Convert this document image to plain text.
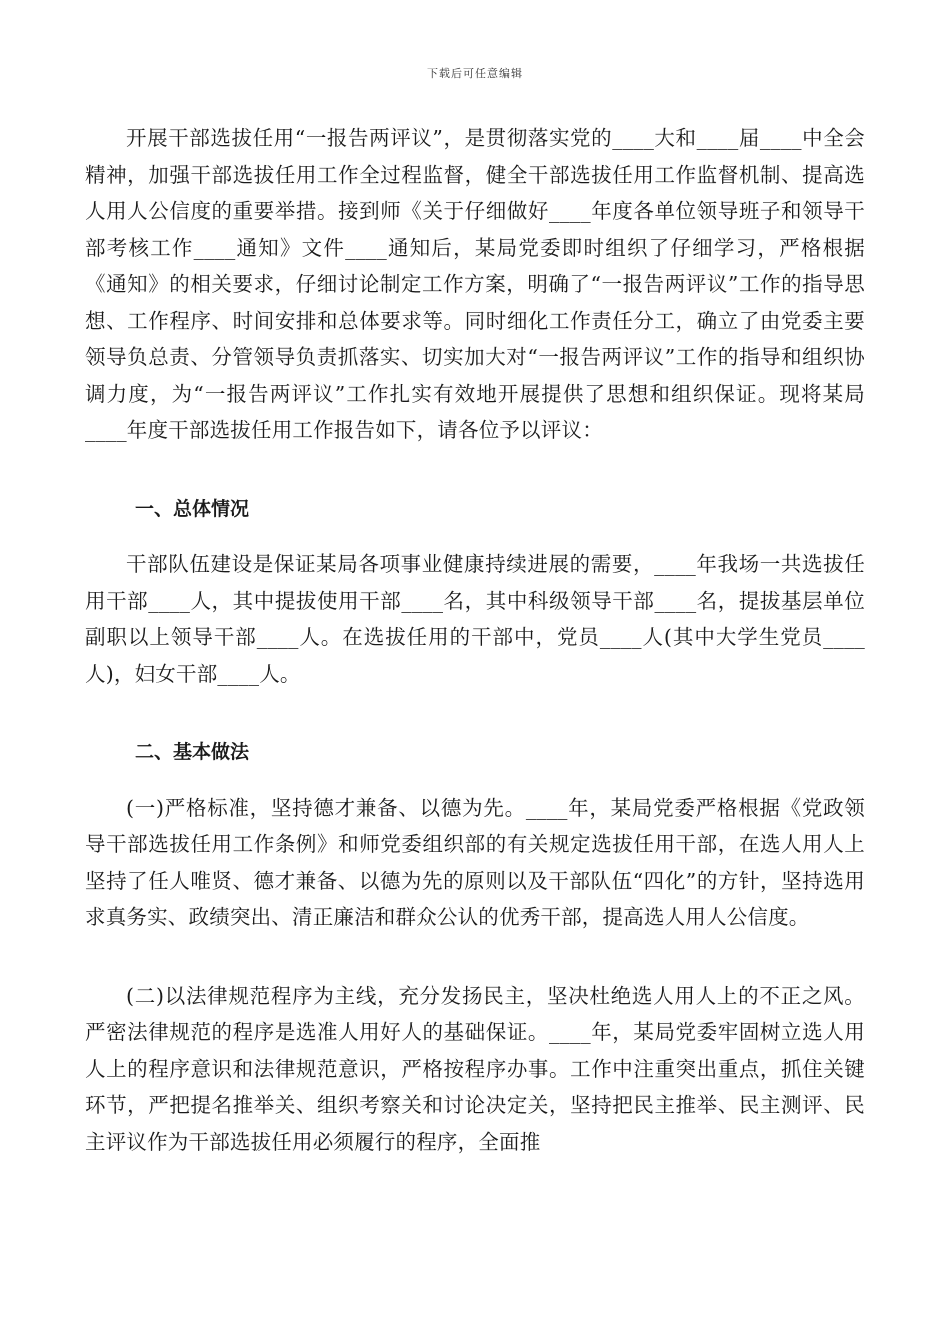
下载后可任意编辑

开展干部选拔任用“一报告两评议”，是贯彻落实党的____大和____届____中全会精神，加强干部选拔任用工作全过程监督，健全干部选拔任用工作监督机制、提高选人用人公信度的重要举措。接到师《关于仔细做好____年度各单位领导班子和领导干部考核工作____通知》文件____通知后，某局党委即时组织了仔细学习，严格根据《通知》的相关要求，仔细讨论制定工作方案，明确了“一报告两评议”工作的指导思想、工作程序、时间安排和总体要求等。同时细化工作责任分工，确立了由党委主要领导负总责、分管领导负责抓落实、切实加大对“一报告两评议”工作的指导和组织协调力度，为“一报告两评议”工作扎实有效地开展提供了思想和组织保证。现将某局____年度干部选拔任用工作报告如下，请各位予以评议：

一、总体情况

干部队伍建设是保证某局各项事业健康持续进展的需要，____年我场一共选拔任用干部____人，其中提拔使用干部____名，其中科级领导干部____名，提拔基层单位副职以上领导干部____人。在选拔任用的干部中，党员____人(其中大学生党员____人)，妇女干部____人。

二、基本做法

(一)严格标准，坚持德才兼备、以德为先。____年，某局党委严格根据《党政领导干部选拔任用工作条例》和师党委组织部的有关规定选拔任用干部，在选人用人上坚持了任人唯贤、德才兼备、以德为先的原则以及干部队伍“四化”的方针，坚持选用求真务实、政绩突出、清正廉洁和群众公认的优秀干部，提高选人用人公信度。

(二)以法律规范程序为主线，充分发扬民主，坚决杜绝选人用人上的不正之风。严密法律规范的程序是选准人用好人的基础保证。____年，某局党委牢固树立选人用人上的程序意识和法律规范意识，严格按程序办事。工作中注重突出重点，抓住关键环节，严把提名推举关、组织考察关和讨论决定关，坚持把民主推举、民主测评、民主评议作为干部选拔任用必须履行的程序，全面推
